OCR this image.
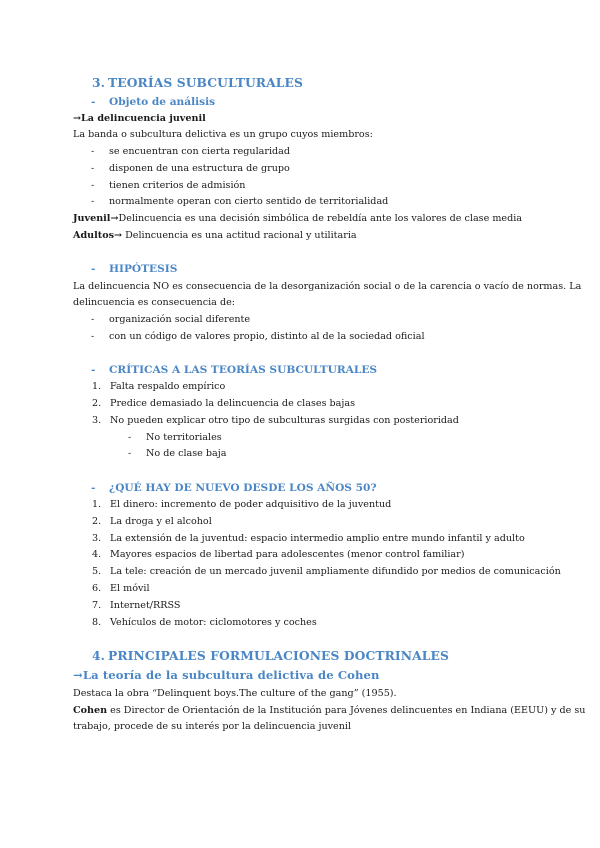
3. TEORÍAS SUBCULTURALES
- Objeto de análisis
→La delincuencia juvenil
La banda o subcultura delictiva es un grupo cuyos miembros:
- se encuentran con cierta regularidad
- disponen de una estructura de grupo
- tienen criterios de admisión
- normalmente operan con cierto sentido de territorialidad
Juvenil→Delincuencia es una decisión simbólica de rebeldía ante los valores de clase media
Adultos→ Delincuencia es una actitud racional y utilitaria
- HIPÓTESIS
La delincuencia NO es consecuencia de la desorganización social o de la carencia o vacío de normas. La
delincuencia es consecuencia de:
- organización social diferente
- con un código de valores propio, distinto al de la sociedad oficial
- CRÍTICAS A LAS TEORÍAS SUBCULTURALES
1. Falta respaldo empírico
2. Predice demasiado la delincuencia de clases bajas
3. No pueden explicar otro tipo de subculturas surgidas con posterioridad
- No territoriales
- No de clase baja
- ¿QUÉ HAY DE NUEVO DESDE LOS AÑOS 50?
1. El dinero: incremento de poder adquisitivo de la juventud
2. La droga y el alcohol
3. La extensión de la juventud: espacio intermedio amplio entre mundo infantil y adulto
4. Mayores espacios de libertad para adolescentes (menor control familiar)
5. La tele: creación de un mercado juvenil ampliamente difundido por medios de comunicación
6. El móvil
7. Internet/RRSS
8. Vehículos de motor: ciclomotores y coches
4. PRINCIPALES FORMULACIONES DOCTRINALES
→La teoría de la subcultura delictiva de Cohen
Destaca la obra “Delinquent boys.The culture of the gang” (1955).
Cohen es Director de Orientación de la Institución para Jóvenes delincuentes en Indiana (EEUU) y de su
trabajo, procede de su interés por la delincuencia juvenil
